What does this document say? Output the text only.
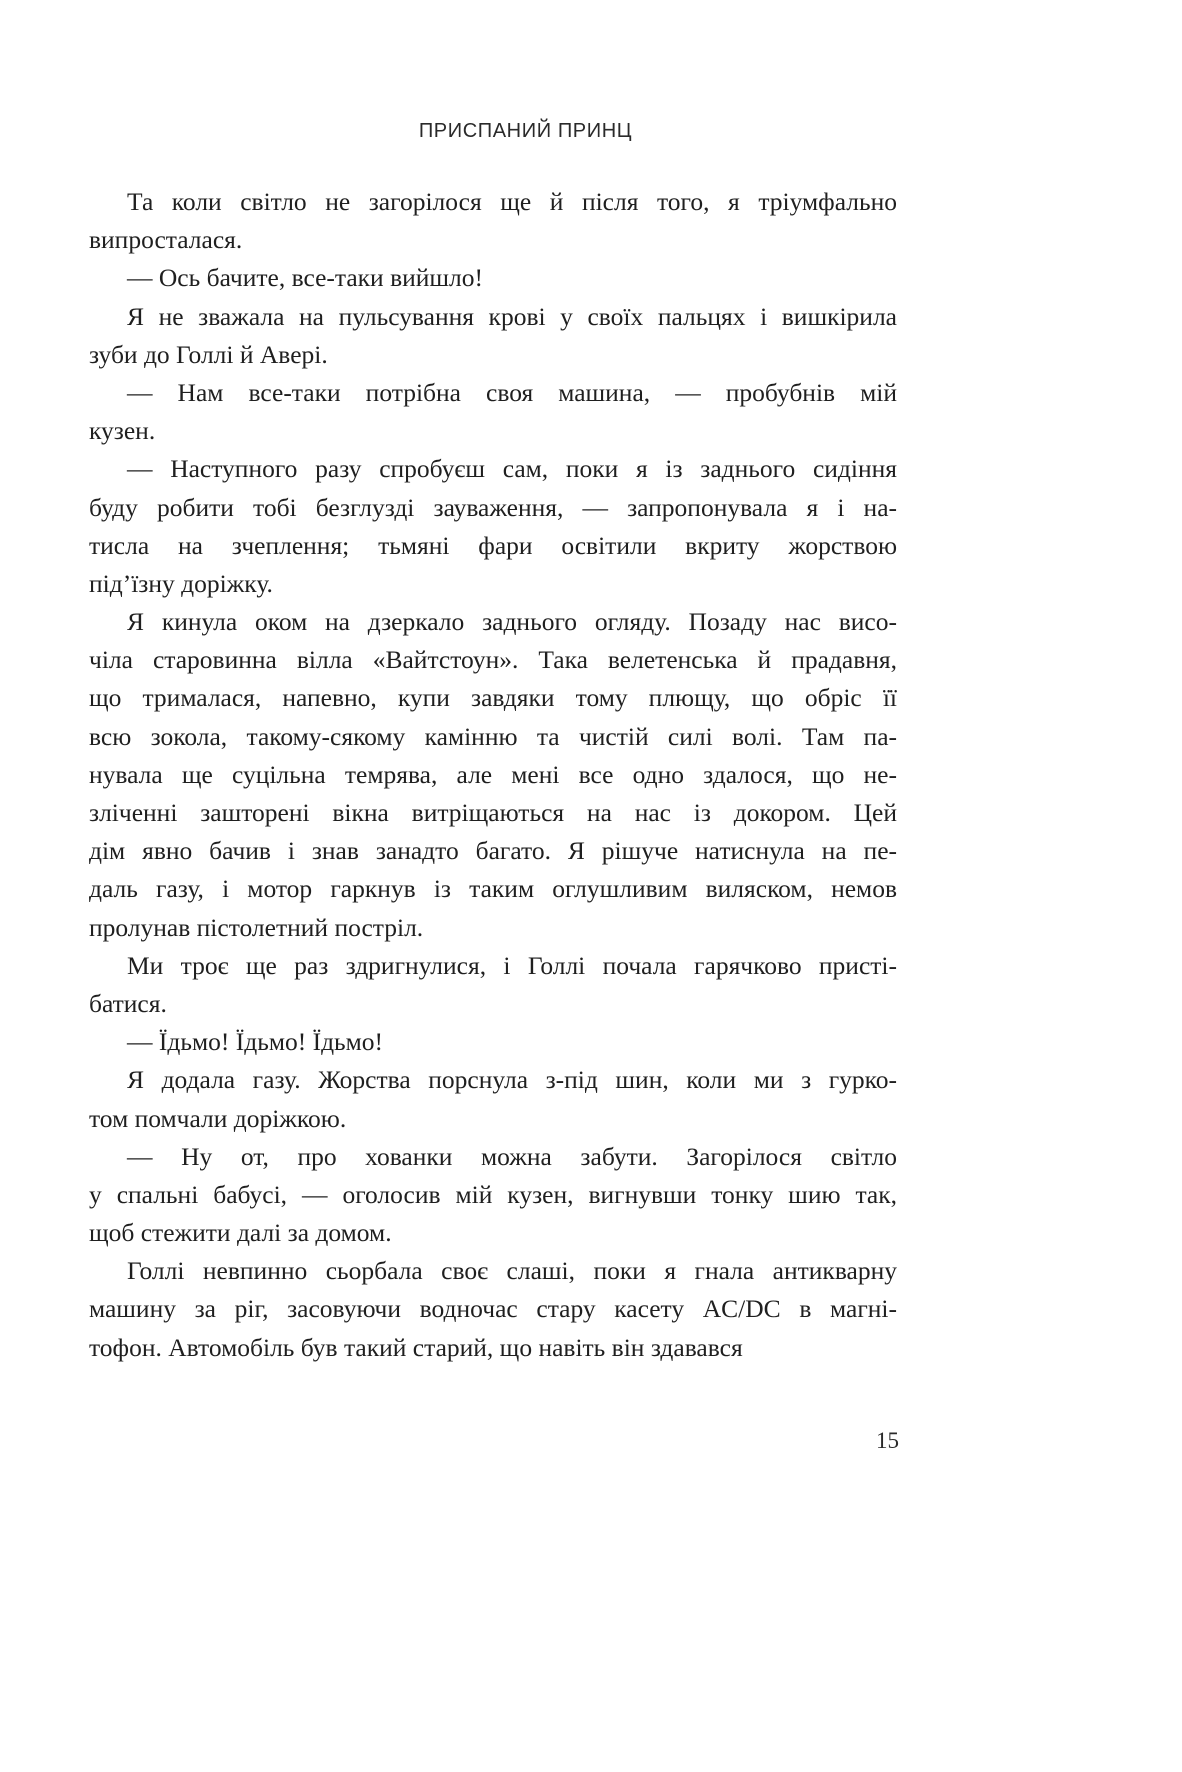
ПРИСПАНИЙ ПРИНЦ
Та коли світло не загорілося ще й після того, я тріумфально
випросталася.
— Ось бачите, все-таки вийшло!
Я не зважала на пульсування крові у своїх пальцях і вишкірила
зуби до Голлі й Авері.
— Нам все-таки потрібна своя машина, — пробубнів мій
кузен.
— Наступного разу спробуєш сам, поки я із заднього сидіння
буду робити тобі безглузді зауваження, — запропонувала я і на-
тисла на зчеплення; тьмяні фари освітили вкриту жорствою
під’їзну доріжку.
Я кинула оком на дзеркало заднього огляду. Позаду нас висо-
чіла старовинна вілла «Вайтстоун». Така велетенська й прадавня,
що трималася, напевно, купи завдяки тому плющу, що обріс її
всю зокола, такому-сякому камінню та чистій силі волі. Там па-
нувала ще суцільна темрява, але мені все одно здалося, що не-
зліченні зашторені вікна витріщаються на нас із докором. Цей
дім явно бачив і знав занадто багато. Я рішуче натиснула на пе-
даль газу, і мотор гаркнув із таким оглушливим виляском, немов
пролунав пістолетний постріл.
Ми троє ще раз здригнулися, і Голлі почала гарячково присті-
батися.
— Їдьмо! Їдьмо! Їдьмо!
Я додала газу. Жорства порснула з-під шин, коли ми з гурко-
том помчали доріжкою.
— Ну от, про хованки можна забути. Загорілося світло
у спальні бабусі, — оголосив мій кузен, вигнувши тонку шию так,
щоб стежити далі за домом.
Голлі невпинно сьорбала своє слаші, поки я гнала антикварну
машину за ріг, засовуючи водночас стару касету AC/DC в магні-
тофон. Автомобіль був такий старий, що навіть він здавався
15
